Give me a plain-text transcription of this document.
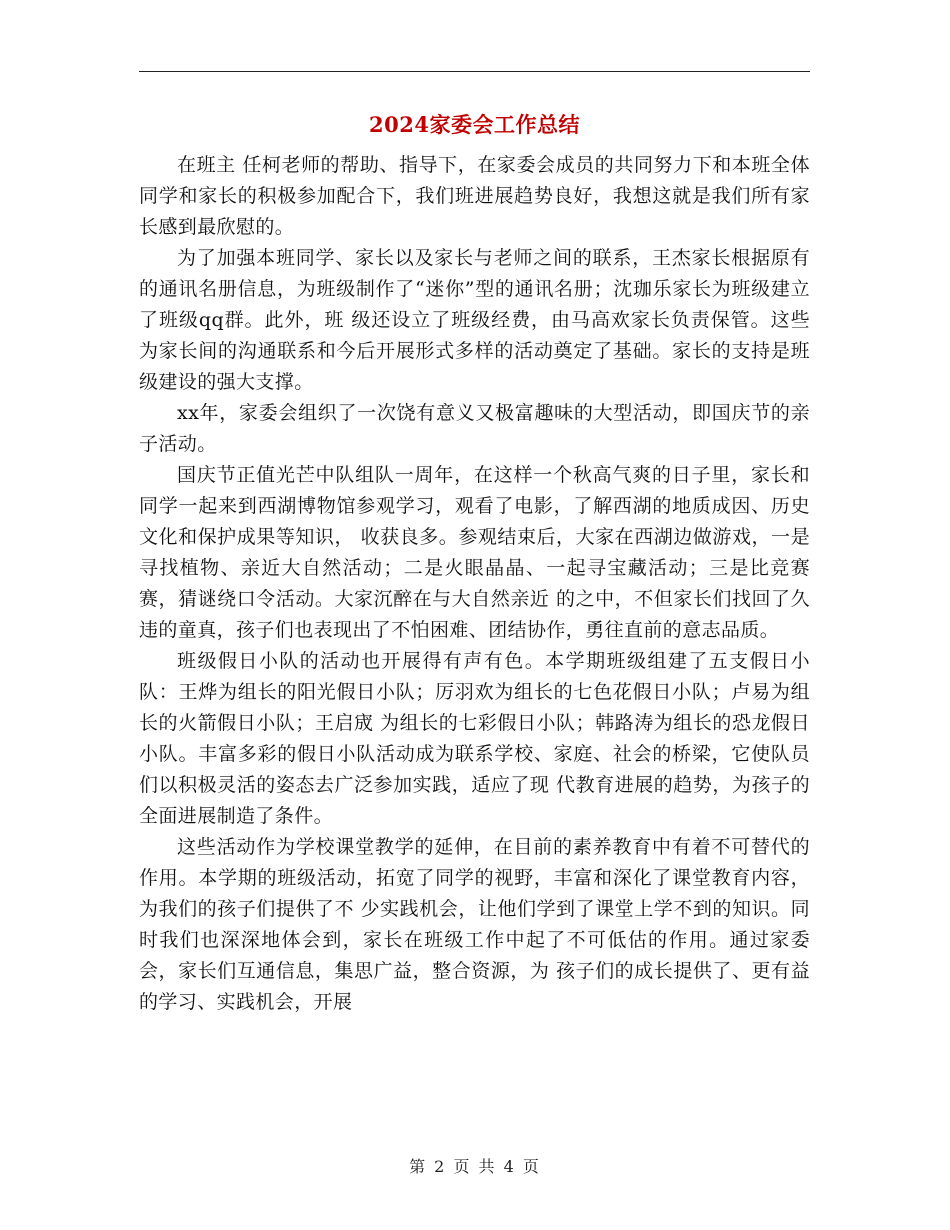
2024家委会工作总结

在班主 任柯老师的帮助、指导下，在家委会成员的共同努力下和本班全体同学和家长的积极参加配合下，我们班进展趋势良好，我想这就是我们所有家长感到最欣慰的。

为了加强本班同学、家长以及家长与老师之间的联系，王杰家长根据原有的通讯名册信息，为班级制作了“迷你”型的通讯名册；沈珈乐家长为班级建立了班级qq群。此外，班 级还设立了班级经费，由马高欢家长负责保管。这些为家长间的沟通联系和今后开展形式多样的活动奠定了基础。家长的支持是班级建设的强大支撑。

xx年，家委会组织了一次饶有意义又极富趣味的大型活动，即国庆节的亲子活动。

国庆节正值光芒中队组队一周年，在这样一个秋高气爽的日子里，家长和同学一起来到西湖博物馆参观学习，观看了电影，了解西湖的地质成因、历史文化和保护成果等知识， 收获良多。参观结束后，大家在西湖边做游戏，一是寻找植物、亲近大自然活动；二是火眼晶晶、一起寻宝藏活动；三是比竞赛赛，猜谜绕口令活动。大家沉醉在与大自然亲近 的之中，不但家长们找回了久违的童真，孩子们也表现出了不怕困难、团结协作，勇往直前的意志品质。

班级假日小队的活动也开展得有声有色。本学期班级组建了五支假日小队：王烨为组长的阳光假日小队；厉羽欢为组长的七色花假日小队；卢易为组长的火箭假日小队；王启宬 为组长的七彩假日小队；韩路涛为组长的恐龙假日小队。丰富多彩的假日小队活动成为联系学校、家庭、社会的桥梁，它使队员们以积极灵活的姿态去广泛参加实践，适应了现 代教育进展的趋势，为孩子的全面进展制造了条件。

这些活动作为学校课堂教学的延伸，在目前的素养教育中有着不可替代的作用。本学期的班级活动，拓宽了同学的视野，丰富和深化了课堂教育内容，为我们的孩子们提供了不 少实践机会，让他们学到了课堂上学不到的知识。同时我们也深深地体会到，家长在班级工作中起了不可低估的作用。通过家委会，家长们互通信息，集思广益，整合资源，为 孩子们的成长提供了、更有益的学习、实践机会，开展

第 2 页 共 4 页
